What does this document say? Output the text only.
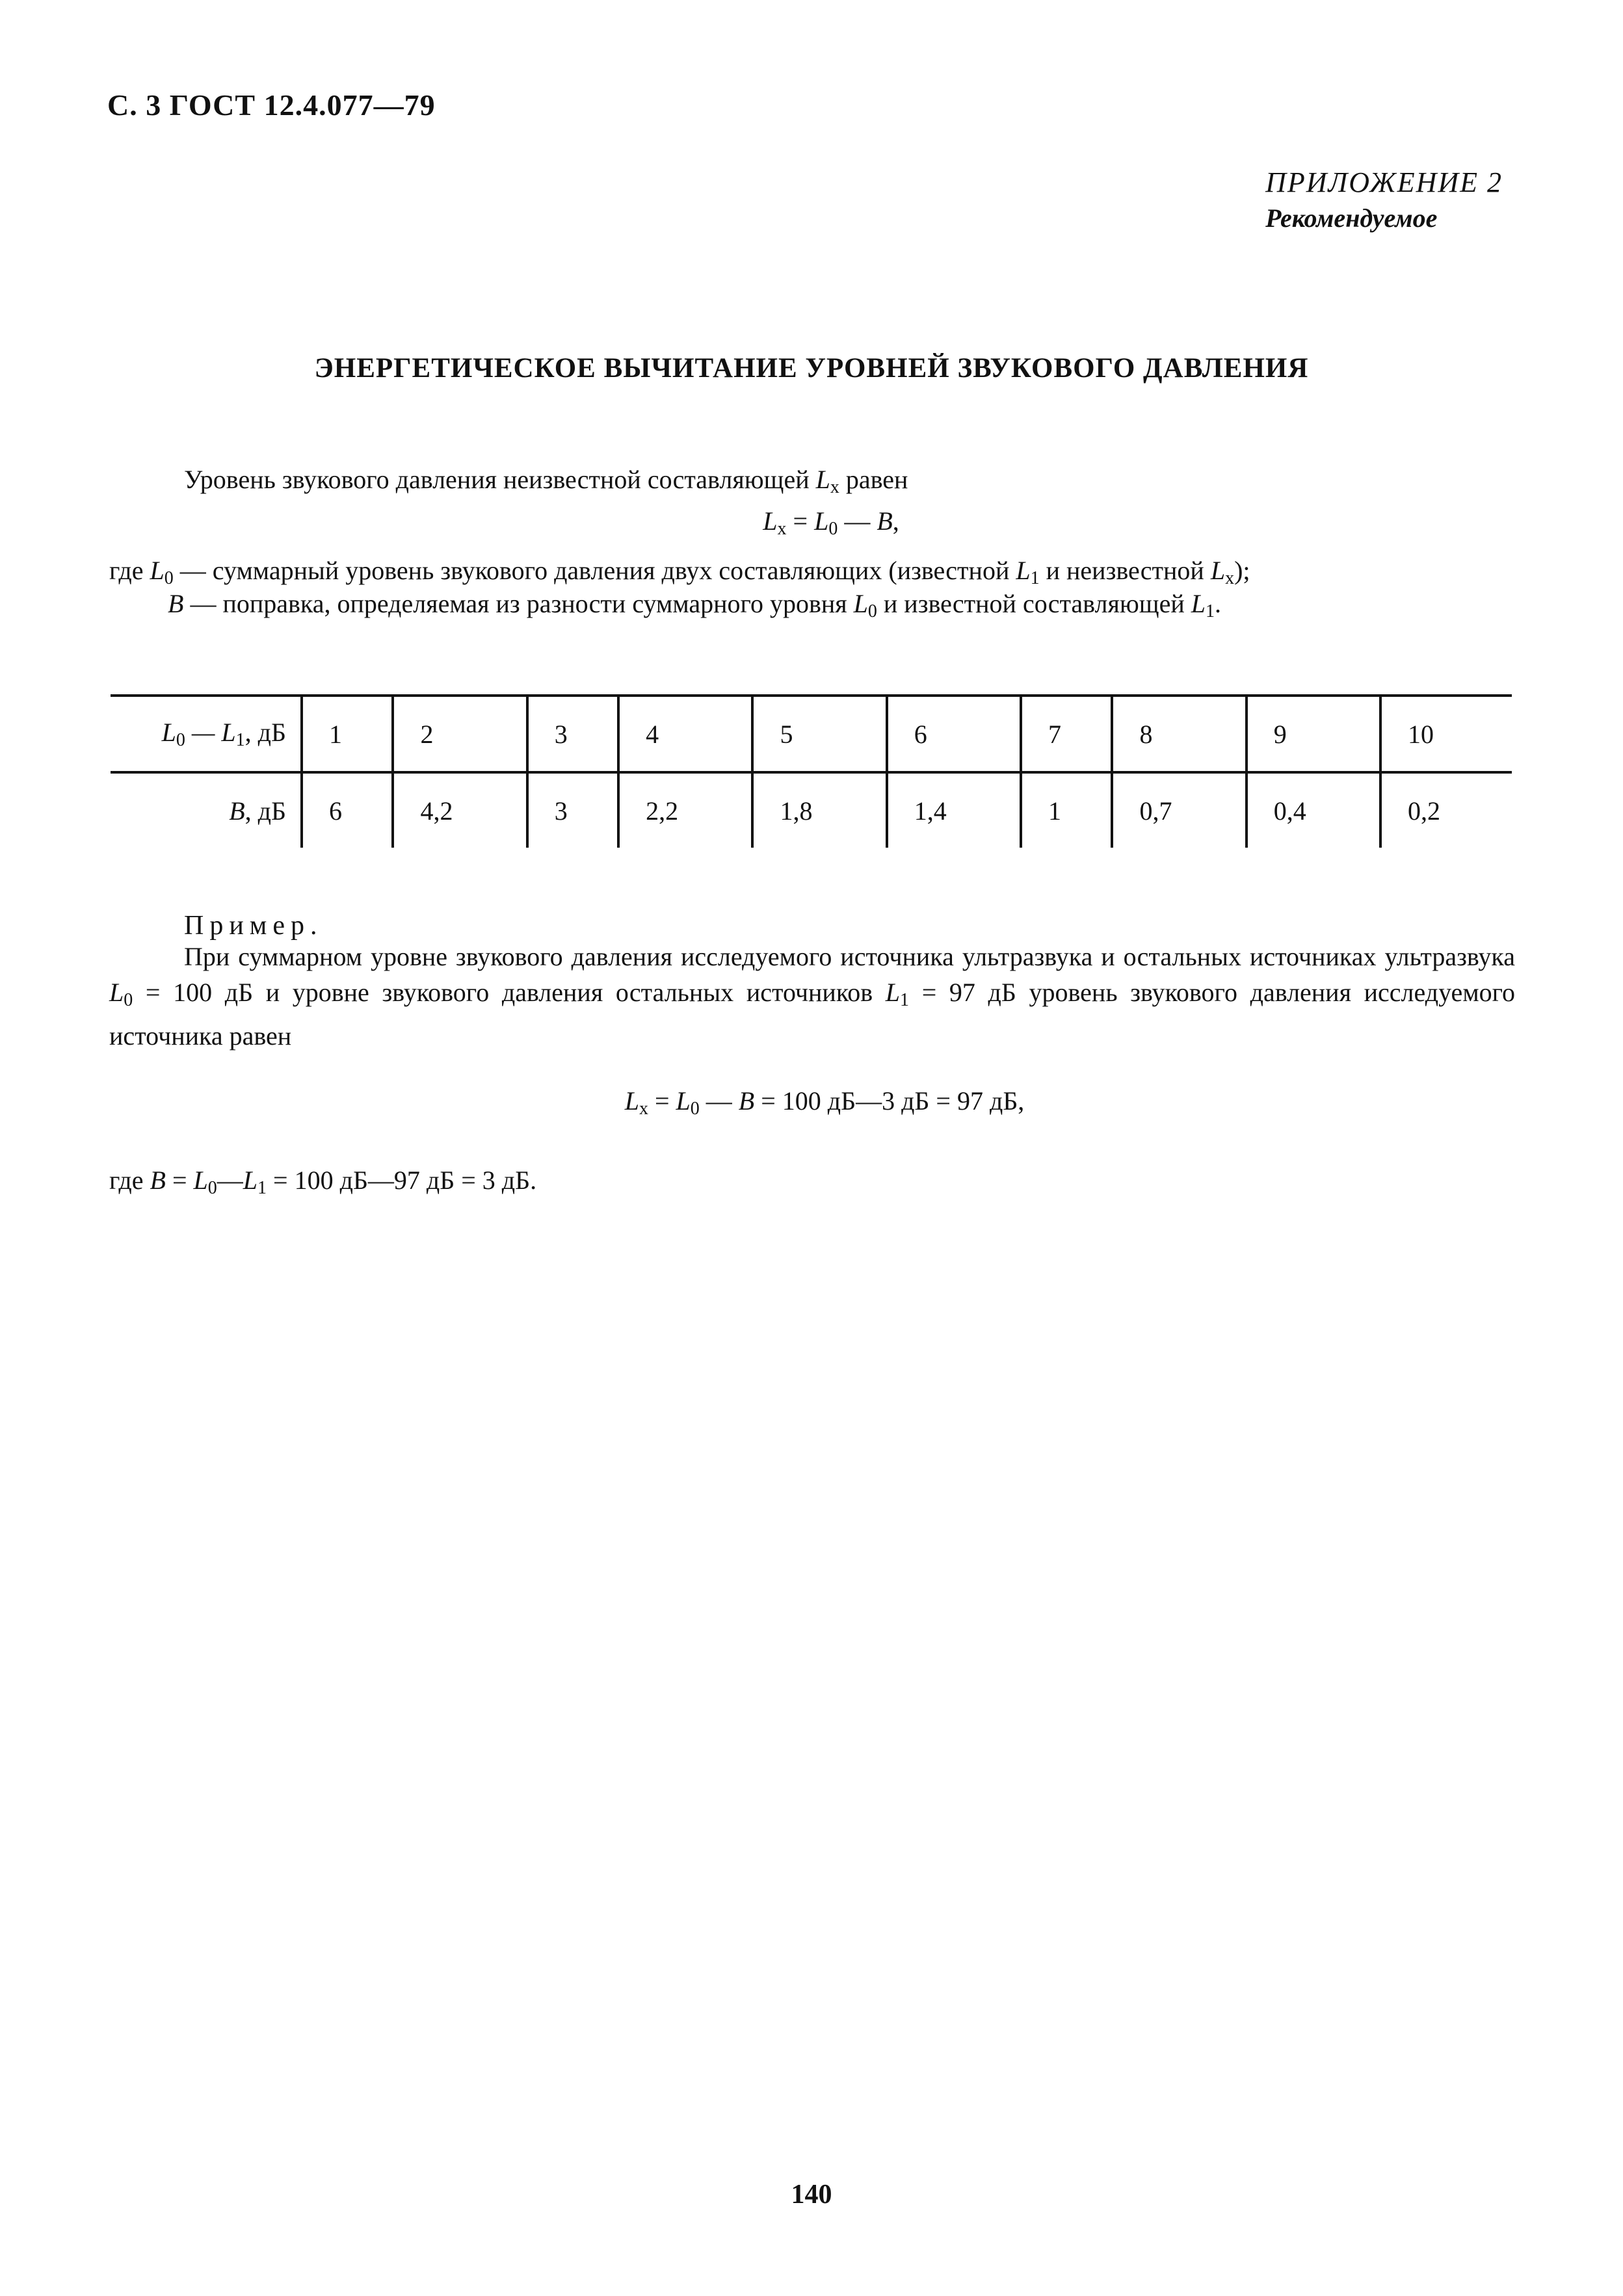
С. 3 ГОСТ 12.4.077—79
ПРИЛОЖЕНИЕ 2
Рекомендуемое
ЭНЕРГЕТИЧЕСКОЕ ВЫЧИТАНИЕ УРОВНЕЙ ЗВУКОВОГО ДАВЛЕНИЯ
Уровень звукового давления неизвестной составляющей $L_x$ равен
$L_x = L_0$ — B,
где $L_0$ — суммарный уровень звукового давления двух составляющих (известной $L_1$ и неизвестной $L_x$);
B — поправка, определяемая из разности суммарного уровня $L_0$ и известной составляющей $L_1$.
$L_0$ — $L_1$, дБ	1	2	3	4	5	6	7	8	9	10
B, дБ	6	4,2	3	2,2	1,8	1,4	1	0,7	0,4	0,2
Пример.
При суммарном уровне звукового давления исследуемого источника ультразвука и остальных источниках ультразвука $L_0 = 100$ дБ и уровне звукового давления остальных источников $L_1 = 97$ дБ уровень звукового давления исследуемого источника равен
$L_x = L_0$ — B = 100 дБ—3 дБ = 97 дБ,
где $B = L_0—L_1 = 100$ дБ—97 дБ = 3 дБ.
140
